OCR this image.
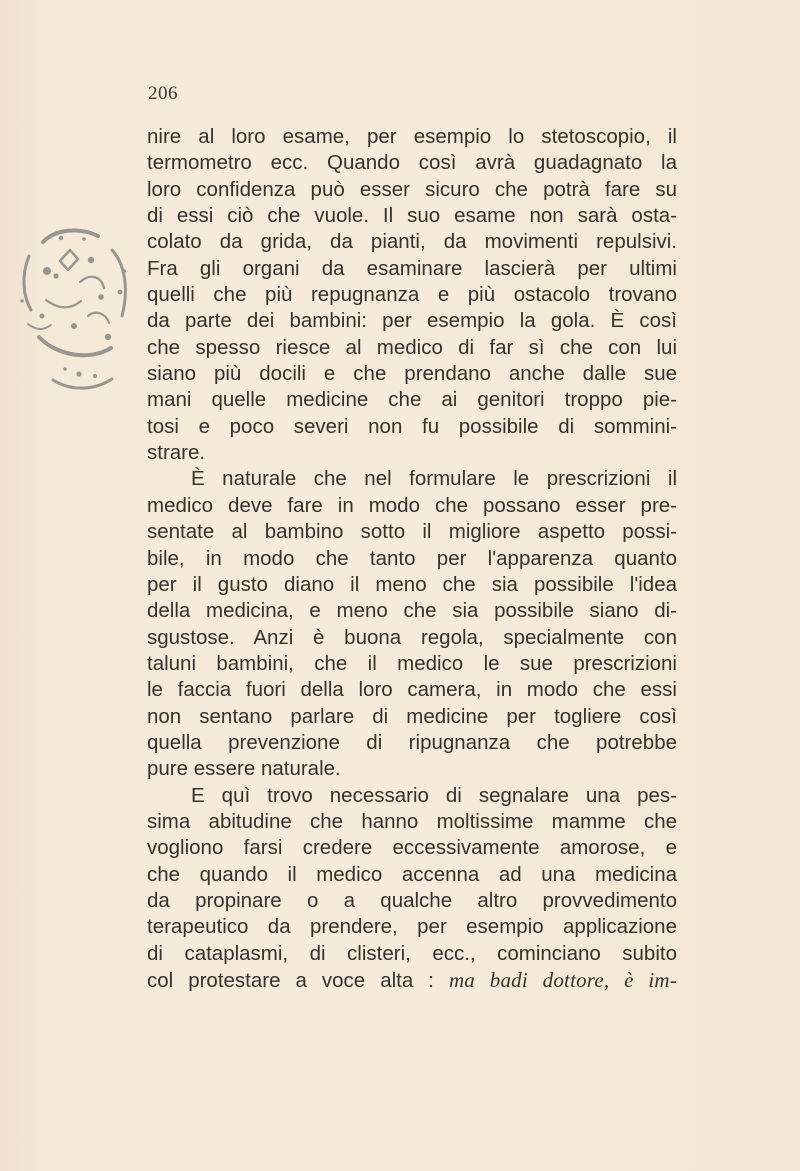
206
nire al loro esame, per esempio lo stetoscopio, il
termometro ecc. Quando così avrà guadagnato la
loro confidenza può esser sicuro che potrà fare su
di essi ciò che vuole. Il suo esame non sarà osta-
colato da grida, da pianti, da movimenti repulsivi.
Fra gli organi da esaminare lascierà per ultimi
quelli che più repugnanza e più ostacolo trovano
da parte dei bambini: per esempio la gola. È così
che spesso riesce al medico di far sì che con lui
siano più docili e che prendano anche dalle sue
mani quelle medicine che ai genitori troppo pie-
tosi e poco severi non fu possibile di sommini-
strare.
È naturale che nel formulare le prescrizioni il
medico deve fare in modo che possano esser pre-
sentate al bambino sotto il migliore aspetto possi-
bile, in modo che tanto per l'apparenza quanto
per il gusto diano il meno che sia possibile l'idea
della medicina, e meno che sia possibile siano di-
sgustose. Anzi è buona regola, specialmente con
taluni bambini, che il medico le sue prescrizioni
le faccia fuori della loro camera, in modo che essi
non sentano parlare di medicine per togliere così
quella prevenzione di ripugnanza che potrebbe
pure essere naturale.
E quì trovo necessario di segnalare una pes-
sima abitudine che hanno moltissime mamme che
vogliono farsi credere eccessivamente amorose, e
che quando il medico accenna ad una medicina
da propinare o a qualche altro provvedimento
terapeutico da prendere, per esempio applicazione
di cataplasmi, di clisteri, ecc., cominciano subito
col protestare a voce alta : ma badi dottore, è im-
